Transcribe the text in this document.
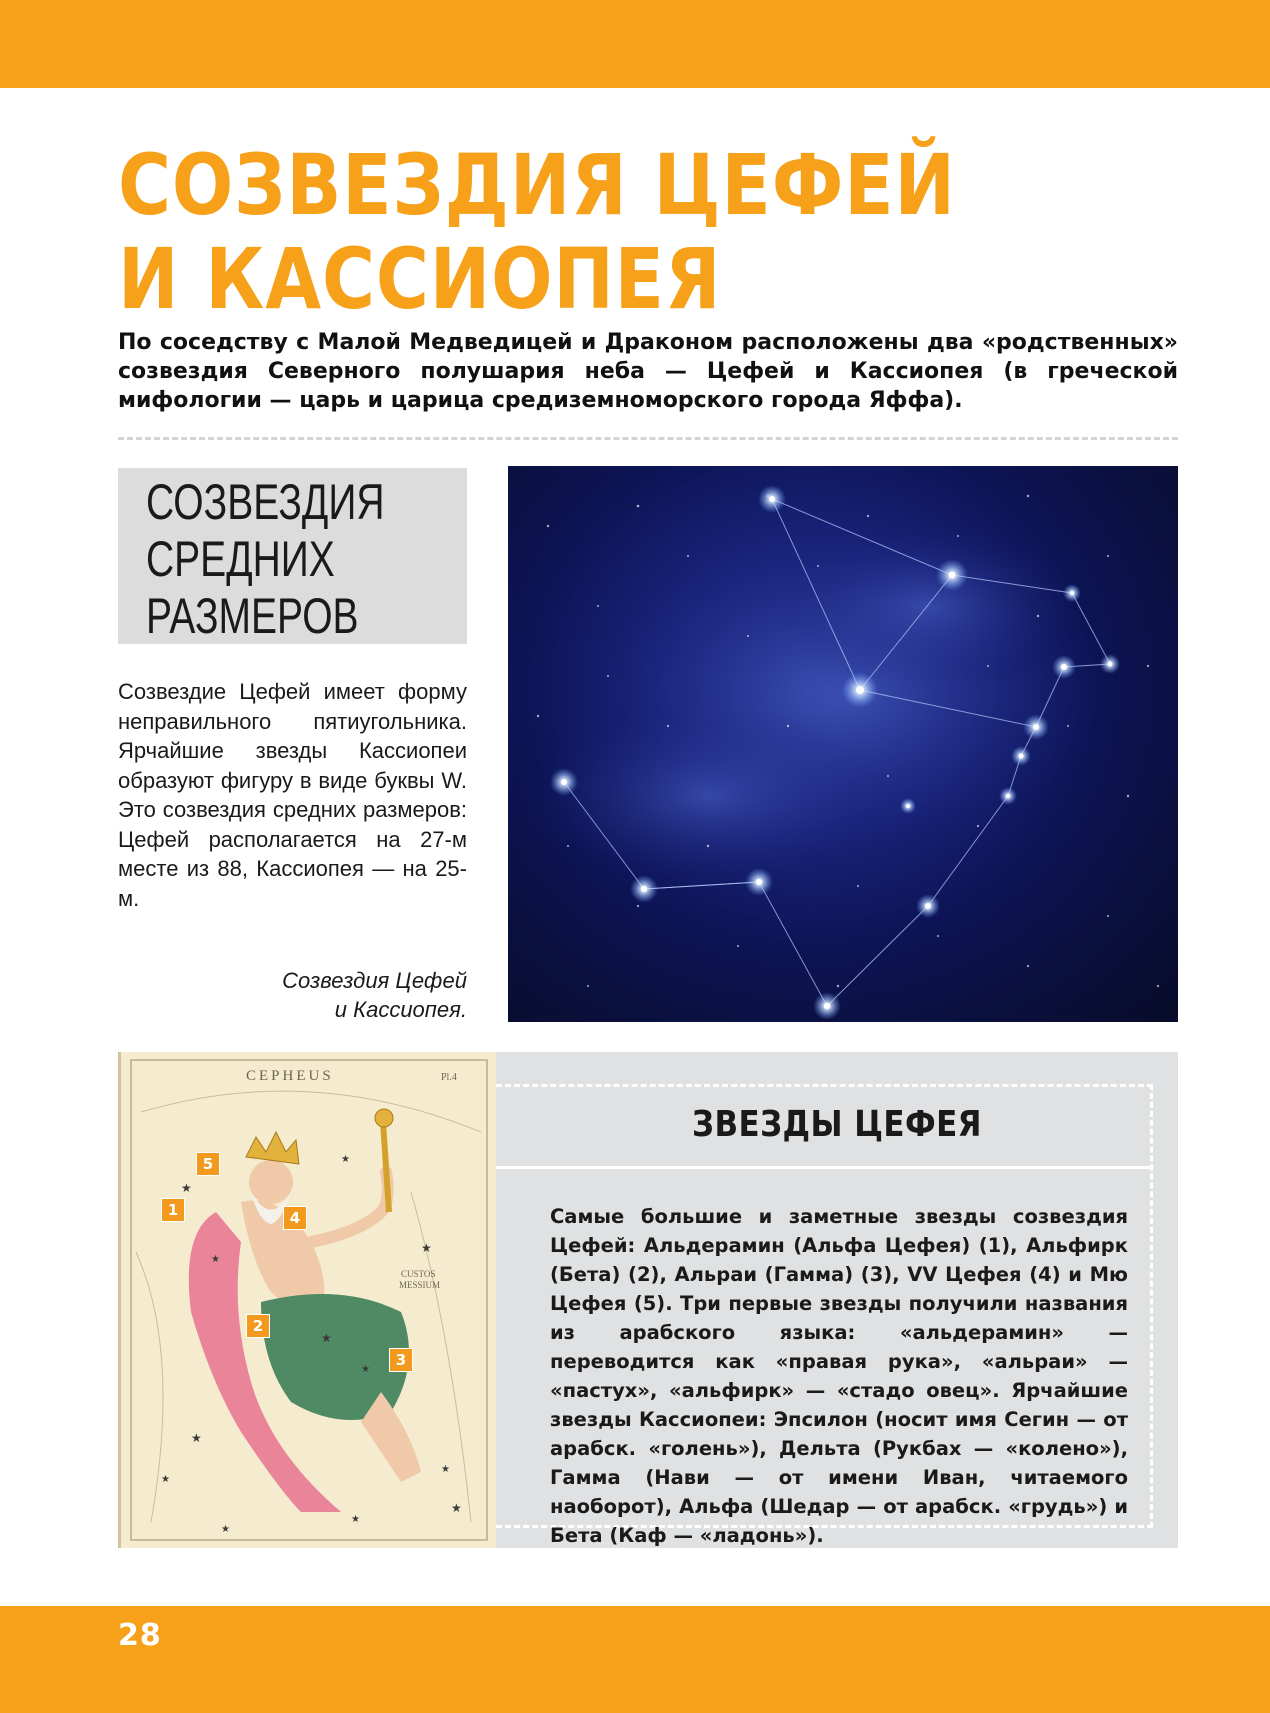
СОЗВЕЗДИЯ ЦЕФЕЙ
И КАССИОПЕЯ

По соседству с Малой Медведицей и Драконом расположены два «родственных» созвездия Северного полушария неба — Цефей и Кассиопея (в греческой мифологии — царь и царица средиземноморского города Яффа).

СОЗВЕЗДИЯ
СРЕДНИХ
РАЗМЕРОВ

Созвездие Цефей имеет форму неправильного пятиугольника. Ярчайшие звезды Кассиопеи образуют фигуру в виде буквы W. Это созвездия средних размеров: Цефей располагается на 27-м месте из 88, Кассиопея — на 25-м.

Созвездия Цефей
и Кассиопея.
CEPHEUS	Pl.4
★
★
★
★
★
★
★
★
★
★
★
★
CUSTOS
MESSIUM
5
1	4
2
3
ЗВЕЗДЫ ЦЕФЕЯ

Самые большие и заметные звезды созвездия Цефей: Альдерамин (Альфа Цефея) (1), Альфирк (Бета) (2), Альраи (Гамма) (3), VV Цефея (4) и Мю Цефея (5). Три первые звезды получили названия из арабского языка: «альдерамин» — переводится как «правая рука», «альраи» — «пастух», «альфирк» — «стадо овец». Ярчайшие звезды Кассиопеи: Эпсилон (носит имя Сегин — от арабск. «голень»), Дельта (Рукбах — «колено»), Гамма (Нави — от имени Иван, читаемого наоборот), Альфа (Шедар — от арабск. «грудь») и Бета (Каф — «ладонь»).

28
